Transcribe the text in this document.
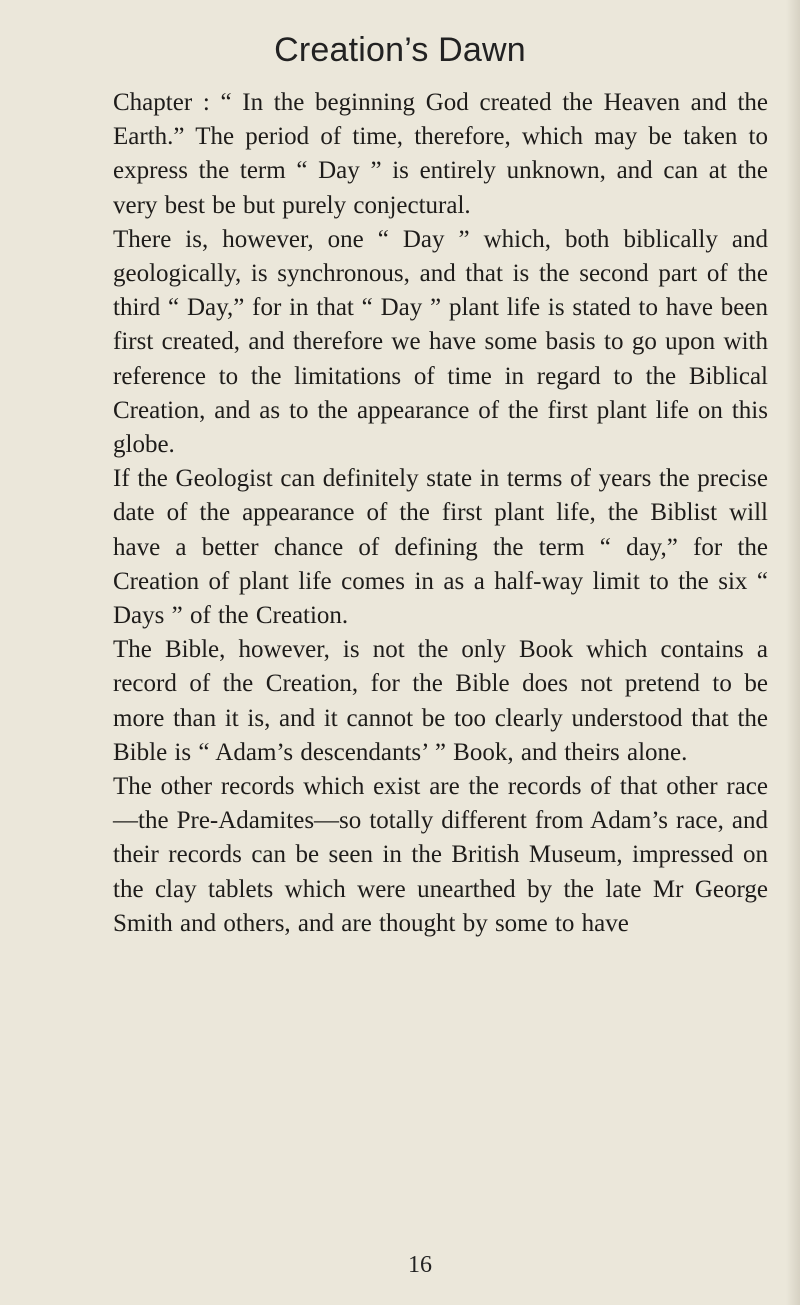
Creation’s Dawn

Chapter : “ In the beginning God created the Heaven and the Earth.” The period of time, therefore, which may be taken to express the term “ Day ” is entirely unknown, and can at the very best be but purely conjectural.

There is, however, one “ Day ” which, both biblically and geologically, is synchronous, and that is the second part of the third “ Day,” for in that “ Day ” plant life is stated to have been first created, and therefore we have some basis to go upon with reference to the limitations of time in regard to the Biblical Creation, and as to the appearance of the first plant life on this globe.

If the Geologist can definitely state in terms of years the precise date of the appearance of the first plant life, the Biblist will have a better chance of defining the term “ day,” for the Creation of plant life comes in as a half-way limit to the six “ Days ” of the Creation.

The Bible, however, is not the only Book which contains a record of the Creation, for the Bible does not pretend to be more than it is, and it cannot be too clearly understood that the Bible is “ Adam’s descendants’ ” Book, and theirs alone.

The other records which exist are the records of that other race—the Pre-Adamites—so totally different from Adam’s race, and their records can be seen in the British Museum, impressed on the clay tablets which were unearthed by the late Mr George Smith and others, and are thought by some to have

16
